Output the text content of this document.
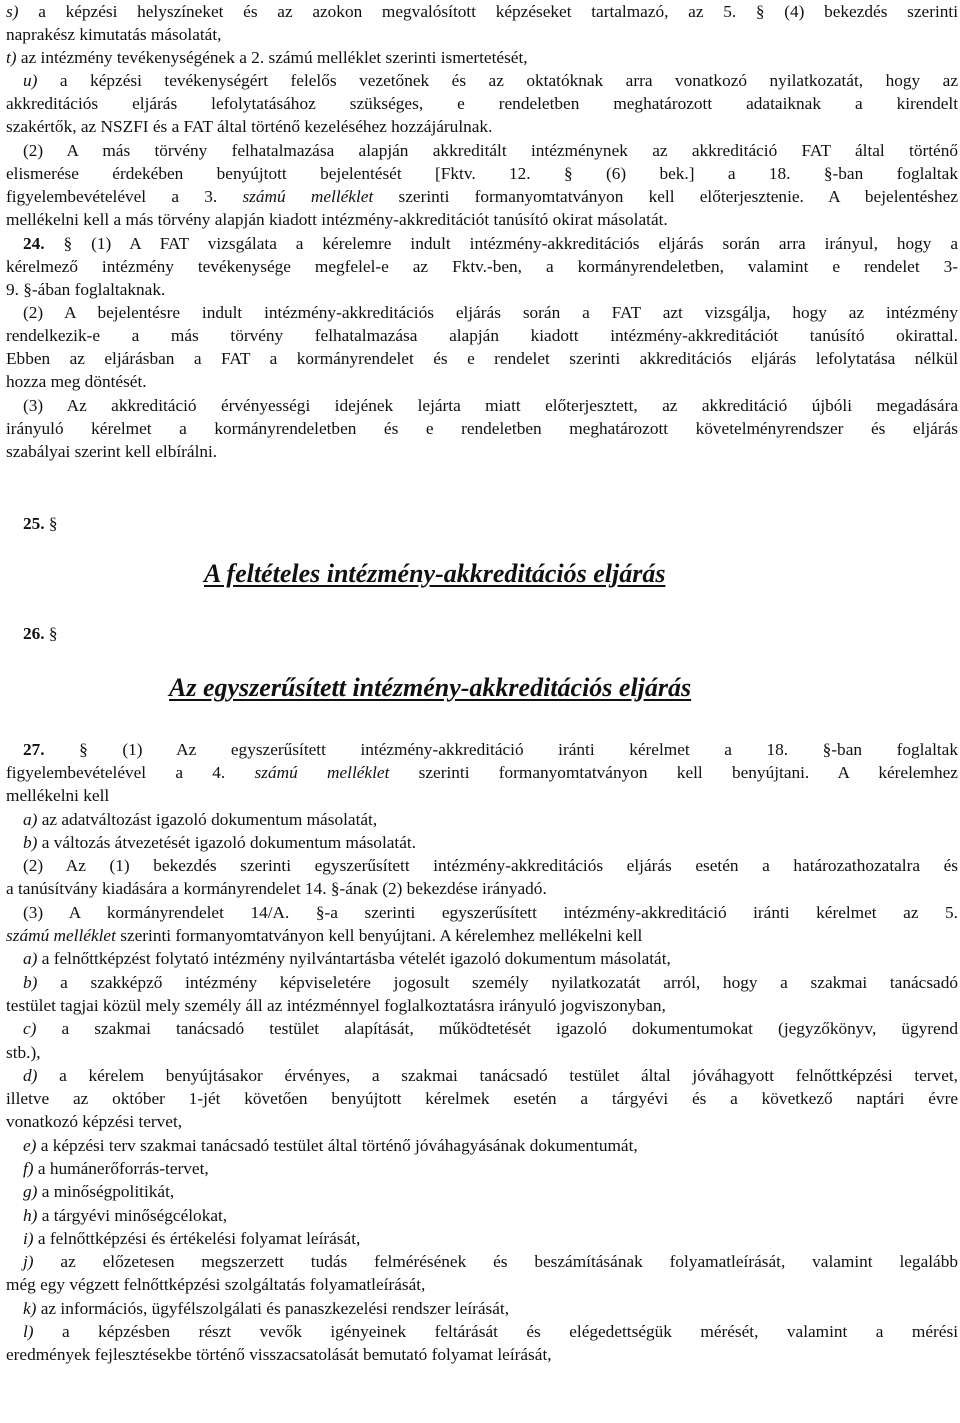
s) a képzési helyszíneket és az azokon megvalósított képzéseket tartalmazó, az 5. § (4) bekezdés szerinti
naprakész kimutatás másolatát,
t) az intézmény tevékenységének a 2. számú melléklet szerinti ismertetését,
u) a képzési tevékenységért felelős vezetőnek és az oktatóknak arra vonatkozó nyilatkozatát, hogy az
akkreditációs eljárás lefolytatásához szükséges, e rendeletben meghatározott adataiknak a kirendelt
szakértők, az NSZFI és a FAT által történő kezeléséhez hozzájárulnak.
(2) A más törvény felhatalmazása alapján akkreditált intézménynek az akkreditáció FAT által történő
elismerése érdekében benyújtott bejelentését [Fktv. 12. § (6) bek.] a 18. §-ban foglaltak
figyelembevételével a 3. számú melléklet szerinti formanyomtatványon kell előterjesztenie. A bejelentéshez
mellékelni kell a más törvény alapján kiadott intézmény-akkreditációt tanúsító okirat másolatát.
24. § (1) A FAT vizsgálata a kérelemre indult intézmény-akkreditációs eljárás során arra irányul, hogy a
kérelmező intézmény tevékenysége megfelel-e az Fktv.-ben, a kormányrendeletben, valamint e rendelet 3-
9. §-ában foglaltaknak.
(2) A bejelentésre indult intézmény-akkreditációs eljárás során a FAT azt vizsgálja, hogy az intézmény
rendelkezik-e a más törvény felhatalmazása alapján kiadott intézmény-akkreditációt tanúsító okirattal.
Ebben az eljárásban a FAT a kormányrendelet és e rendelet szerinti akkreditációs eljárás lefolytatása nélkül
hozza meg döntését.
(3) Az akkreditáció érvényességi idejének lejárta miatt előterjesztett, az akkreditáció újbóli megadására
irányuló kérelmet a kormányrendeletben és e rendeletben meghatározott követelményrendszer és eljárás
szabályai szerint kell elbírálni.
25. §
A feltételes intézmény-akkreditációs eljárás
26. §
Az egyszerűsített intézmény-akkreditációs eljárás
27. § (1) Az egyszerűsített intézmény-akkreditáció iránti kérelmet a 18. §-ban foglaltak
figyelembevételével a 4. számú melléklet szerinti formanyomtatványon kell benyújtani. A kérelemhez
mellékelni kell
a) az adatváltozást igazoló dokumentum másolatát,
b) a változás átvezetését igazoló dokumentum másolatát.
(2) Az (1) bekezdés szerinti egyszerűsített intézmény-akkreditációs eljárás esetén a határozathozatalra és
a tanúsítvány kiadására a kormányrendelet 14. §-ának (2) bekezdése irányadó.
(3) A kormányrendelet 14/A. §-a szerinti egyszerűsített intézmény-akkreditáció iránti kérelmet az 5.
számú melléklet szerinti formanyomtatványon kell benyújtani. A kérelemhez mellékelni kell
a) a felnőttképzést folytató intézmény nyilvántartásba vételét igazoló dokumentum másolatát,
b) a szakképző intézmény képviseletére jogosult személy nyilatkozatát arról, hogy a szakmai tanácsadó
testület tagjai közül mely személy áll az intézménnyel foglalkoztatásra irányuló jogviszonyban,
c) a szakmai tanácsadó testület alapítását, működtetését igazoló dokumentumokat (jegyzőkönyv, ügyrend
stb.),
d) a kérelem benyújtásakor érvényes, a szakmai tanácsadó testület által jóváhagyott felnőttképzési tervet,
illetve az október 1-jét követően benyújtott kérelmek esetén a tárgyévi és a következő naptári évre
vonatkozó képzési tervet,
e) a képzési terv szakmai tanácsadó testület által történő jóváhagyásának dokumentumát,
f) a humánerőforrás-tervet,
g) a minőségpolitikát,
h) a tárgyévi minőségcélokat,
i) a felnőttképzési és értékelési folyamat leírását,
j) az előzetesen megszerzett tudás felmérésének és beszámításának folyamatleírását, valamint legalább
még egy végzett felnőttképzési szolgáltatás folyamatleírását,
k) az információs, ügyfélszolgálati és panaszkezelési rendszer leírását,
l) a képzésben részt vevők igényeinek feltárását és elégedettségük mérését, valamint a mérési
eredmények fejlesztésekbe történő visszacsatolását bemutató folyamat leírását,
